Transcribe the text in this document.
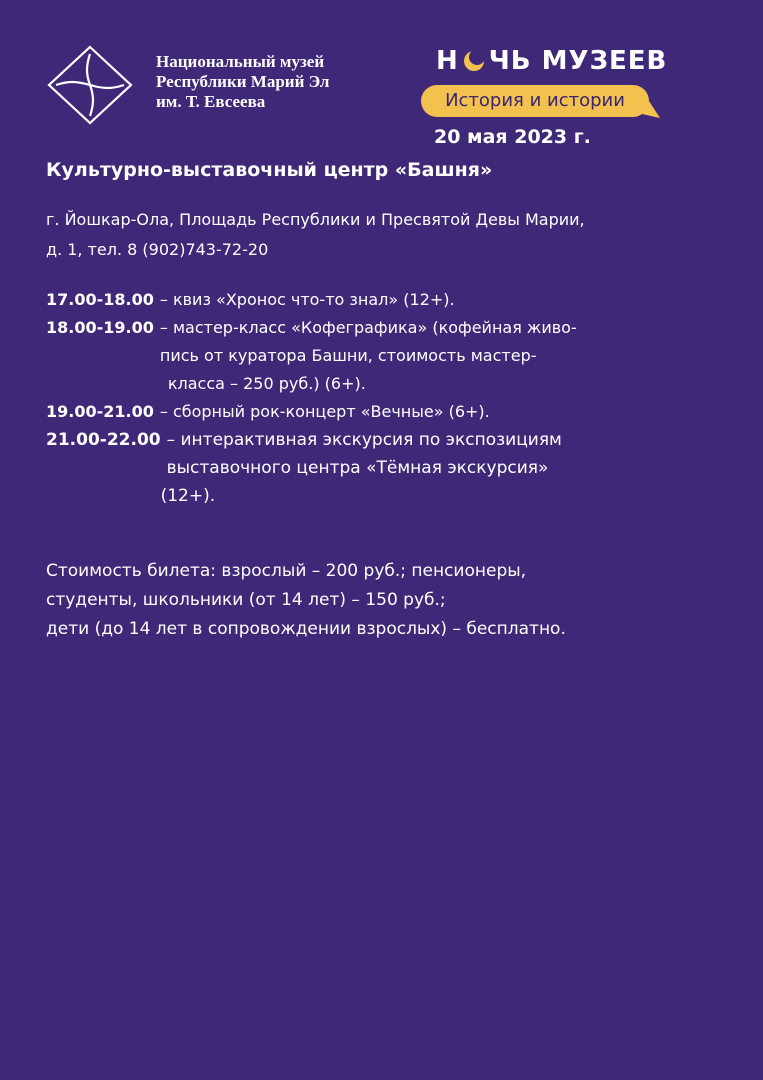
Национальный музей
Республики Марий Эл
им. Т. Евсеева
Н ЧЬ МУЗЕЕВ
История и истории
20 мая 2023 г.
Культурно-выставочный центр «Башня»
г. Йошкар-Ола, Площадь Республики и Пресвятой Девы Марии,
д. 1, тел. 8 (902)743-72-20
17.00-18.00 – квиз «Хронос что-то знал» (12+).
18.00-19.00 – мастер-класс «Кофеграфика» (кофейная живо-
пись от куратора Башни, стоимость мастер-
класса – 250 руб.) (6+).
19.00-21.00 – сборный рок-концерт «Вечные» (6+).
21.00-22.00 – интерактивная экскурсия по экспозициям
выставочного центра «Тёмная экскурсия»
(12+).
Стоимость билета: взрослый – 200 руб.; пенсионеры,
студенты, школьники (от 14 лет) – 150 руб.;
дети (до 14 лет в сопровождении взрослых) – бесплатно.
